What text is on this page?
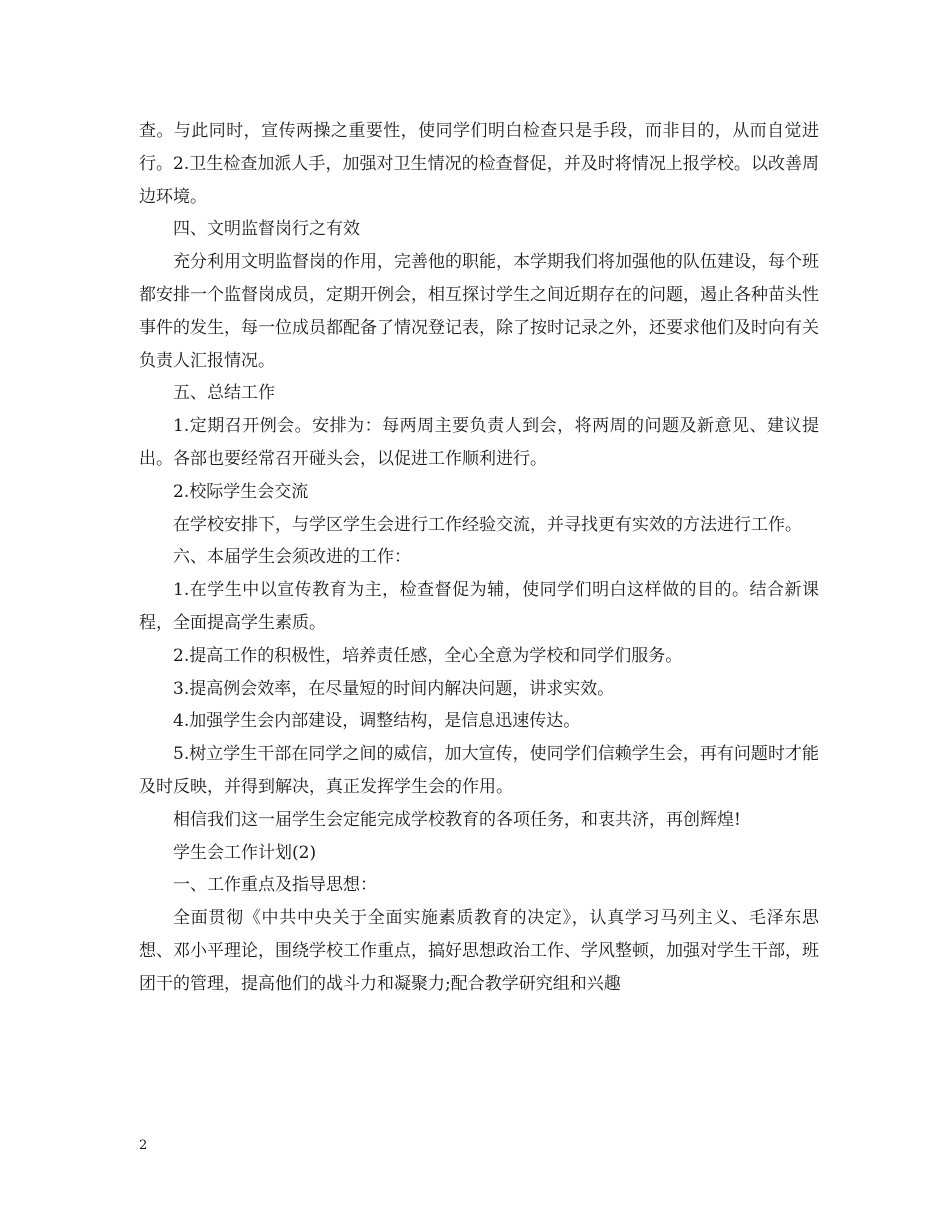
查。与此同时，宣传两操之重要性，使同学们明白检查只是手段，而非目的，从而自觉进行。2.卫生检查加派人手，加强对卫生情况的检查督促，并及时将情况上报学校。以改善周边环境。

四、文明监督岗行之有效

充分利用文明监督岗的作用，完善他的职能，本学期我们将加强他的队伍建设，每个班都安排一个监督岗成员，定期开例会，相互探讨学生之间近期存在的问题，遏止各种苗头性事件的发生，每一位成员都配备了情况登记表，除了按时记录之外，还要求他们及时向有关负责人汇报情况。

五、总结工作

1.定期召开例会。安排为：每两周主要负责人到会，将两周的问题及新意见、建议提出。各部也要经常召开碰头会，以促进工作顺利进行。

2.校际学生会交流

在学校安排下，与学区学生会进行工作经验交流，并寻找更有实效的方法进行工作。

六、本届学生会须改进的工作：

1.在学生中以宣传教育为主，检查督促为辅，使同学们明白这样做的目的。结合新课程，全面提高学生素质。

2.提高工作的积极性，培养责任感，全心全意为学校和同学们服务。

3.提高例会效率，在尽量短的时间内解决问题，讲求实效。

4.加强学生会内部建设，调整结构，是信息迅速传达。

5.树立学生干部在同学之间的威信，加大宣传，使同学们信赖学生会，再有问题时才能及时反映，并得到解决，真正发挥学生会的作用。

相信我们这一届学生会定能完成学校教育的各项任务，和衷共济，再创辉煌!

学生会工作计划(2)

一、工作重点及指导思想：

全面贯彻《中共中央关于全面实施素质教育的决定》，认真学习马列主义、毛泽东思想、邓小平理论，围绕学校工作重点，搞好思想政治工作、学风整顿，加强对学生干部，班团干的管理，提高他们的战斗力和凝聚力;配合教学研究组和兴趣

2
